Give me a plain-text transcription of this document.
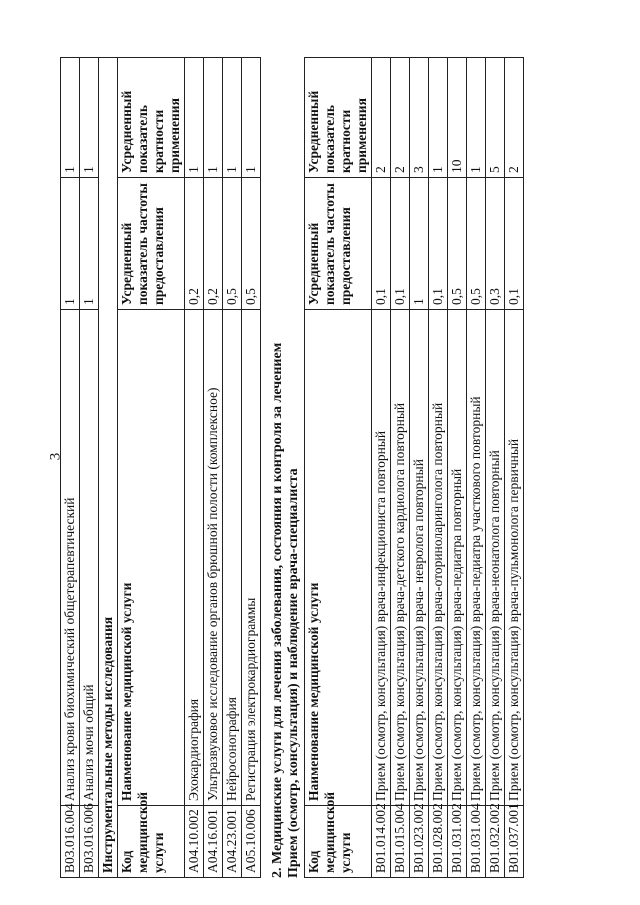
3
B03.016.004	Анализ крови биохимический общетерапевтический	1	1
B03.016.006	Анализ мочи общий	1	1
Инструментальные методы исследования			
Код медицинской услуги	Наименование медицинской услуги	Усредненный показатель частоты предоставления	Усредненный показатель кратности применения
A04.10.002	Эхокардиография	0,2	1
A04.16.001	Ультразвуковое исследование органов брюшной полости (комплексное)	0,2	1
A04.23.001	Нейросонография	0,5	1
A05.10.006	Регистрация электрокардиограммы	0,5	1
2. Медицинские услуги для лечения заболевания, состояния и контроля за лечением Прием (осмотр, консультация) и наблюдение врача-специалиста Код медицинской услуги	Наименование медицинской услуги	Усредненный показатель частоты предоставления	Усредненный показатель кратности применения
B01.014.002	Прием (осмотр, консультация) врача-инфекциониста повторный	0,1	2
B01.015.004	Прием (осмотр, консультация) врача-детского кардиолога повторный	0,1	2
B01.023.002	Прием (осмотр, консультация) врача- невролога повторный	1	3
B01.028.002	Прием (осмотр, консультация) врача-оториноларинголога повторный	0,1	1
B01.031.002	Прием (осмотр, консультация) врача-педиатра повторный	0,5	10
B01.031.004	Прием (осмотр, консультация) врача-педиатра участкового повторный	0,5	1
B01.032.002	Прием (осмотр, консультация) врача-неонатолога повторный	0,3	5
B01.037.001	Прием (осмотр, консультация) врача-пульмонолога первичный	0,1	2
